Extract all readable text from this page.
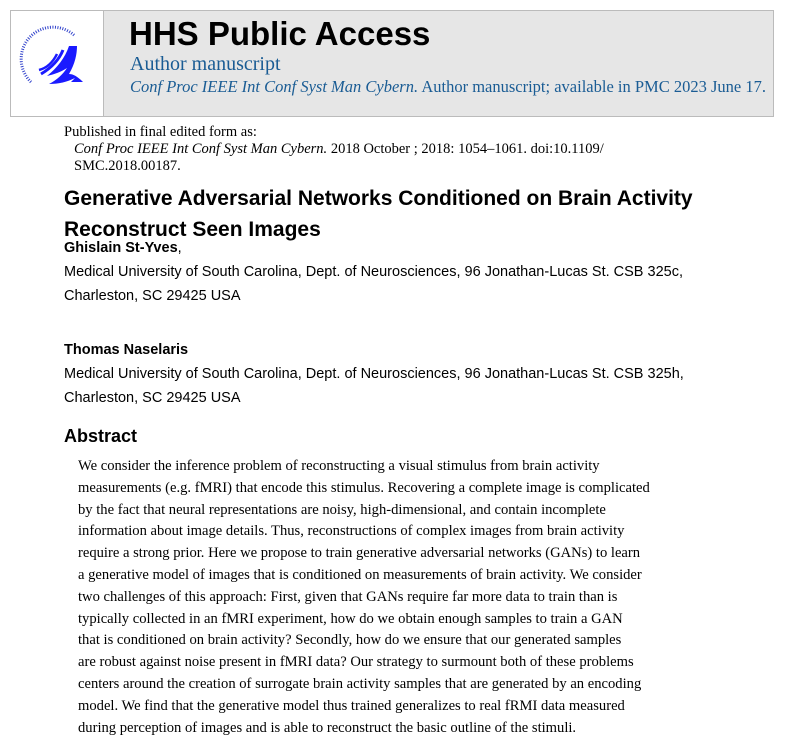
HHS Public Access
Author manuscript
Conf Proc IEEE Int Conf Syst Man Cybern. Author manuscript; available in PMC 2023 June 17.
Published in final edited form as:
Conf Proc IEEE Int Conf Syst Man Cybern. 2018 October ; 2018: 1054–1061. doi:10.1109/
SMC.2018.00187.
Generative Adversarial Networks Conditioned on Brain Activity Reconstruct Seen Images
Ghislain St-Yves,
Medical University of South Carolina, Dept. of Neurosciences, 96 Jonathan-Lucas St. CSB 325c,
Charleston, SC 29425 USA
Thomas Naselaris
Medical University of South Carolina, Dept. of Neurosciences, 96 Jonathan-Lucas St. CSB 325h,
Charleston, SC 29425 USA
Abstract
We consider the inference problem of reconstructing a visual stimulus from brain activity
measurements (e.g. fMRI) that encode this stimulus. Recovering a complete image is complicated
by the fact that neural representations are noisy, high-dimensional, and contain incomplete
information about image details. Thus, reconstructions of complex images from brain activity
require a strong prior. Here we propose to train generative adversarial networks (GANs) to learn
a generative model of images that is conditioned on measurements of brain activity. We consider
two challenges of this approach: First, given that GANs require far more data to train than is
typically collected in an fMRI experiment, how do we obtain enough samples to train a GAN
that is conditioned on brain activity? Secondly, how do we ensure that our generated samples
are robust against noise present in fMRI data? Our strategy to surmount both of these problems
centers around the creation of surrogate brain activity samples that are generated by an encoding
model. We find that the generative model thus trained generalizes to real fRMI data measured
during perception of images and is able to reconstruct the basic outline of the stimuli.
